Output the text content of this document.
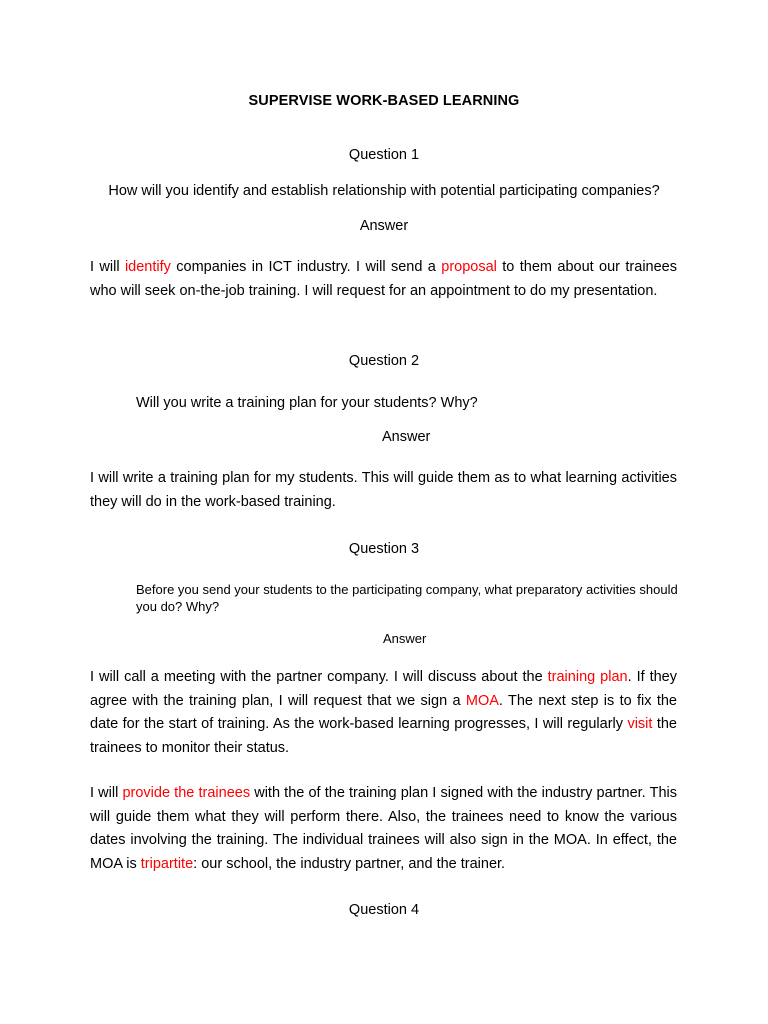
SUPERVISE WORK-BASED LEARNING
Question 1
How will you identify and establish relationship with potential participating companies?
Answer

I will identify companies in ICT industry. I will send a proposal to them about our trainees who will seek on-the-job training. I will request for an appointment to do my presentation.

Question 2
Will you write a training plan for your students? Why?
Answer

I will write a training plan for my students. This will guide them as to what learning activities they will do in the work-based training.

Question 3
Before you send your students to the participating company, what preparatory activities should you do? Why?
Answer

I will call a meeting with the partner company. I will discuss about the training plan. If they agree with the training plan, I will request that we sign a MOA. The next step is to fix the date for the start of training. As the work-based learning progresses, I will regularly visit the trainees to monitor their status.

I will provide the trainees with the of the training plan I signed with the industry partner. This will guide them what they will perform there. Also, the trainees need to know the various dates involving the training. The individual trainees will also sign in the MOA. In effect, the MOA is tripartite: our school, the industry partner, and the trainer.

Question 4
